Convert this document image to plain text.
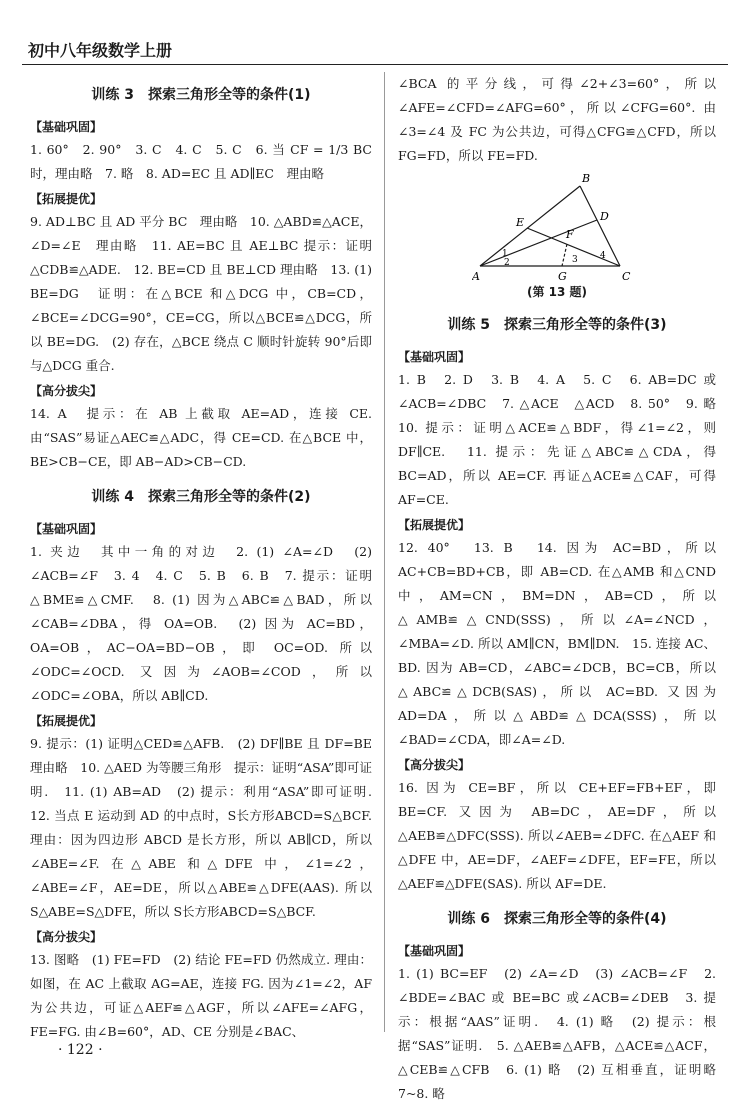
初中八年级数学上册
训练 3　探索三角形全等的条件(1)
【基础巩固】
1. 60°　2. 90°　3. C　4. C　5. C　6. 当 CF = 1/3 BC 时，理由略　7. 略　8. AD=EC 且 AD∥EC　理由略
【拓展提优】
9. AD⊥BC 且 AD 平分 BC　理由略　10. △ABD≌△ACE，∠D=∠E　理由略　11. AE=BC 且 AE⊥BC 提示：证明△CDB≌△ADE.　12. BE=CD 且 BE⊥CD 理由略　13. (1) BE=DG　证明：在△BCE 和△DCG 中，CB=CD，∠BCE=∠DCG=90°，CE=CG，所以△BCE≌△DCG，所以 BE=DG.　(2) 存在，△BCE 绕点 C 顺时针旋转 90°后即与△DCG 重合.
【高分拔尖】
14. A　提示：在 AB 上截取 AE=AD，连接 CE. 由“SAS”易证△AEC≌△ADC，得 CE=CD. 在△BCE 中，BE>CB−CE，即 AB−AD>CB−CD.
训练 4　探索三角形全等的条件(2)
【基础巩固】
1. 夹边　其中一角的对边　2. (1) ∠A=∠D　(2) ∠ACB=∠F　3. 4　4. C　5. B　6. B　7. 提示：证明△BME≌△CMF.　8. (1) 因为△ABC≌△BAD，所以∠CAB=∠DBA，得 OA=OB.　(2) 因为 AC=BD，OA=OB，AC−OA=BD−OB，即 OC=OD. 所以∠ODC=∠OCD. 又因为∠AOB=∠COD，所以∠ODC=∠OBA，所以 AB∥CD.
【拓展提优】
9. 提示：(1) 证明△CED≌△AFB.　(2) DF∥BE 且 DF=BE　理由略　10. △AED 为等腰三角形　提示：证明“ASA”即可证明.　11. (1) AB=AD　(2) 提示：利用“ASA”即可证明.　12. 当点 E 运动到 AD 的中点时，S长方形ABCD=S△BCF. 理由：因为四边形 ABCD 是长方形，所以 AB∥CD，所以∠ABE=∠F. 在△ABE 和△DFE 中，∠1=∠2，∠ABE=∠F，AE=DE，所以△ABE≌△DFE(AAS). 所以 S△ABE=S△DFE，所以 S长方形ABCD=S△BCF.
【高分拔尖】
13. 图略　(1) FE=FD　(2) 结论 FE=FD 仍然成立. 理由：如图，在 AC 上截取 AG=AE，连接 FG. 因为∠1=∠2，AF 为公共边，可证△AEF≌△AGF，所以∠AFE=∠AFG，FE=FG. 由∠B=60°，AD、CE 分别是∠BAC、
∠BCA 的平分线，可得∠2+∠3=60°，所以∠AFE=∠CFD=∠AFG=60°，所以∠CFG=60°. 由∠3=∠4 及 FC 为公共边，可得△CFG≌△CFD，所以 FG=FD，所以 FE=FD.
A
B
C
D
E
F
G
1
2	3 4
(第 13 题)
训练 5　探索三角形全等的条件(3)
【基础巩固】
1. B　2. D　3. B　4. A　5. C　6. AB=DC 或∠ACB=∠DBC　7. △ACE　△ACD　8. 50°　9. 略　10. 提示：证明△ACE≌△BDF，得∠1=∠2，则 DF∥CE.　11. 提示：先证△ABC≌△CDA，得 BC=AD，所以 AE=CF. 再证△ACE≌△CAF，可得 AF=CE.
【拓展提优】
12. 40°　13. B　14. 因为 AC=BD，所以 AC+CB=BD+CB，即 AB=CD. 在△AMB 和△CND 中，AM=CN，BM=DN，AB=CD，所以△AMB≌△CND(SSS)，所以∠A=∠NCD，∠MBA=∠D. 所以 AM∥CN，BM∥DN.　15. 连接 AC、BD. 因为 AB=CD，∠ABC=∠DCB，BC=CB，所以△ABC≌△DCB(SAS)，所以 AC=BD. 又因为 AD=DA，所以△ABD≌△DCA(SSS)，所以∠BAD=∠CDA，即∠A=∠D.
【高分拔尖】
16. 因为 CE=BF，所以 CE+EF=FB+EF，即 BE=CF. 又因为 AB=DC，AE=DF，所以△AEB≌△DFC(SSS). 所以∠AEB=∠DFC. 在△AEF 和△DFE 中，AE=DF，∠AEF=∠DFE，EF=FE，所以△AEF≌△DFE(SAS). 所以 AF=DE.
训练 6　探索三角形全等的条件(4)
【基础巩固】
1. (1) BC=EF　(2) ∠A=∠D　(3) ∠ACB=∠F　2. ∠BDE=∠BAC 或 BE=BC 或∠ACB=∠DEB　3. 提示：根据“AAS”证明.　4. (1) 略　(2) 提示：根据“SAS”证明.　5. △AEB≌△AFB，△ACE≌△ACF，△CEB≌△CFB　6. (1) 略　(2) 互相垂直，证明略　7~8. 略
· 122 ·
